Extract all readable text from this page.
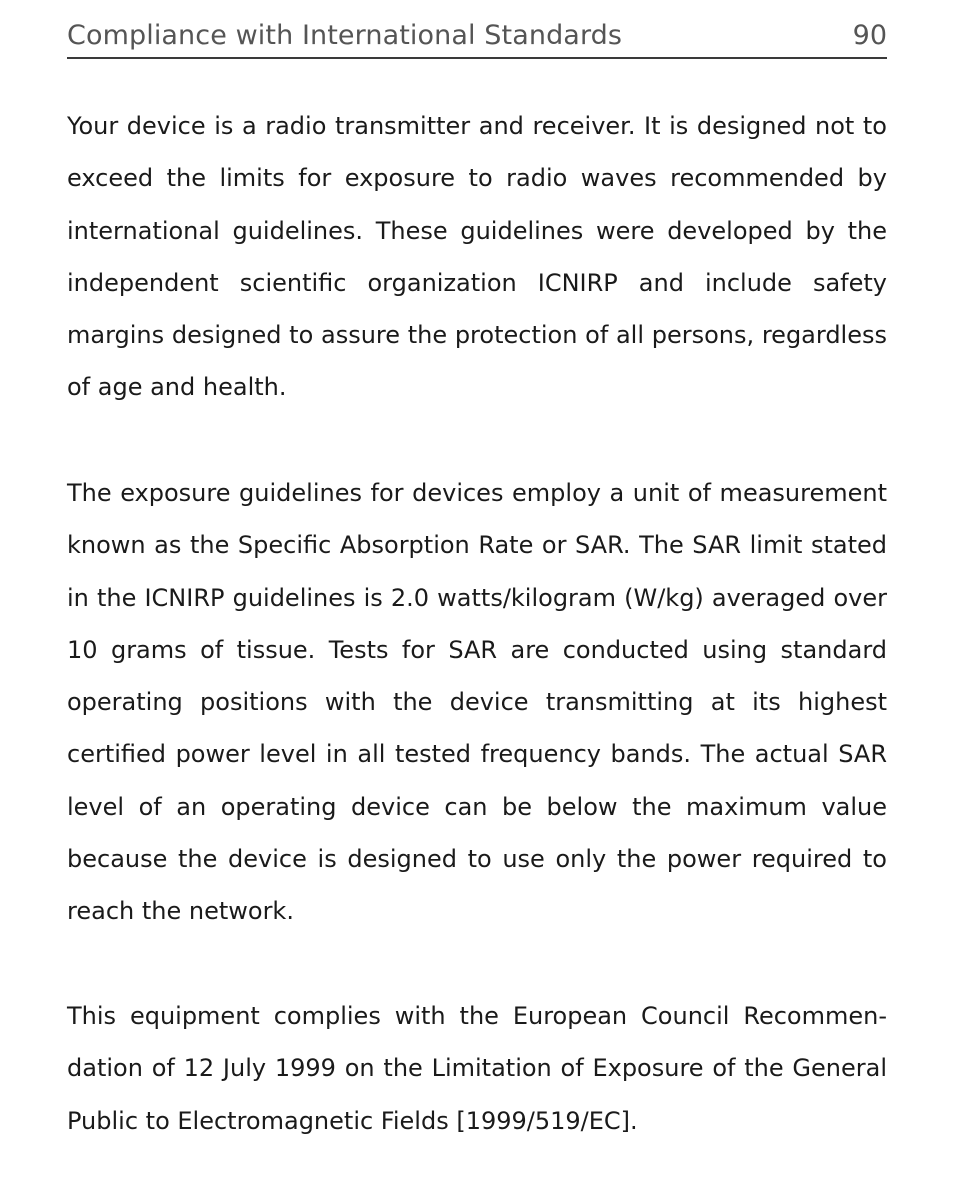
Compliance with International Standards	90

Your device is a radio transmitter and receiver. It is designed not to exceed the limits for exposure to radio waves recommended by international guidelines. These guidelines were developed by the independent scientific organization ICNIRP and include safety margins designed to assure the protection of all persons, regardless of age and health.

The exposure guidelines for devices employ a unit of measurement known as the Specific Absorption Rate or SAR. The SAR limit stated in the ICNIRP guidelines is 2.0 watts/kilogram (W/kg) averaged over 10 grams of tissue. Tests for SAR are conducted using standard operating positions with the device transmitting at its highest certified power level in all tested frequency bands. The actual SAR level of an operating device can be below the maximum value because the device is designed to use only the power required to reach the network.

This equipment complies with the European Council Recommendation of 12 July 1999 on the Limitation of Exposure of the General Public to Electromagnetic Fields [1999/519/EC].
